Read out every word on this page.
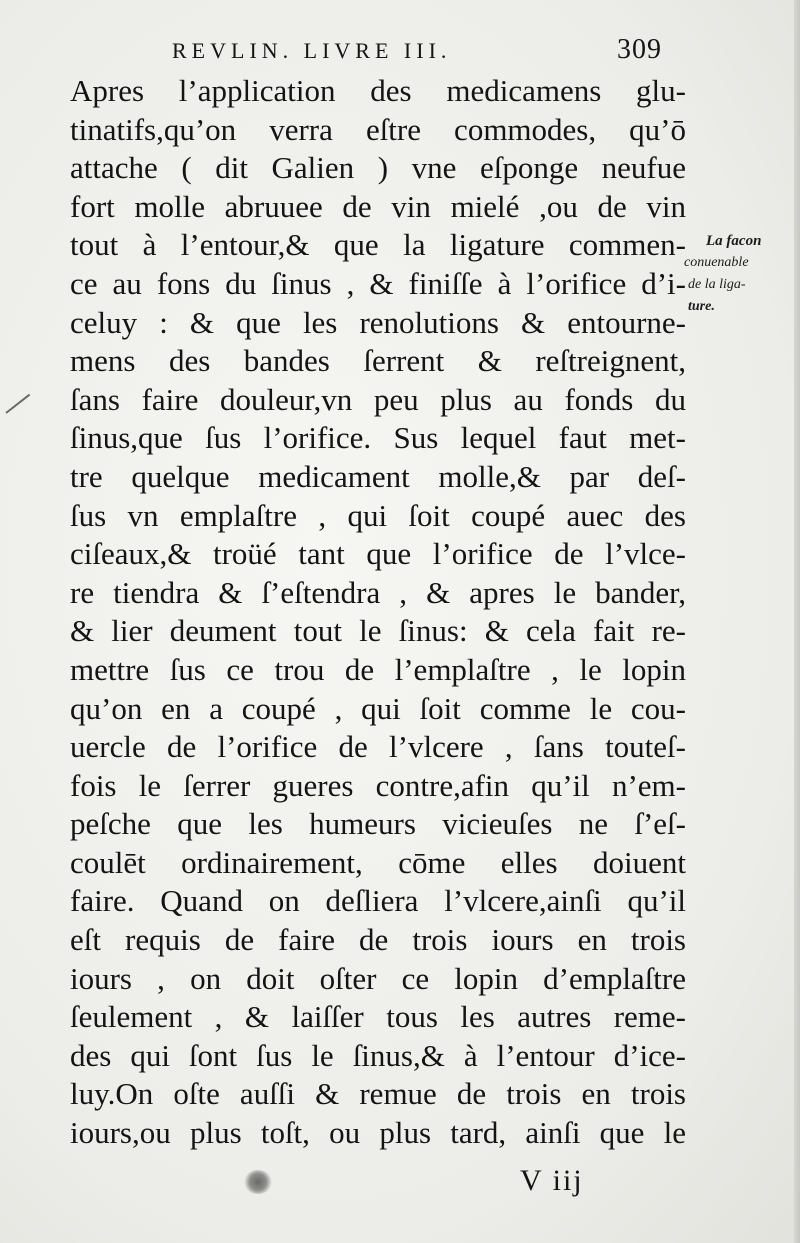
REVLIN. LIVRE III.	309
Apres l’application des medicamens glu-
tinatifs,qu’on verra eſtre commodes, qu’ō
attache ( dit Galien ) vne eſponge neufue
fort molle abruuee de vin mielé ,ou de vin
tout à l’entour,& que la ligature commen-
ce au fons du ſinus , & finiſſe à l’orifice d’i-
celuy : & que les renolutions & entourne-
mens des bandes ſerrent & reſtreignent,
ſans faire douleur,vn peu plus au fonds du
ſinus,que ſus l’orifice. Sus lequel faut met-
tre quelque medicament molle,& par deſ-
ſus vn emplaſtre , qui ſoit coupé auec des
ciſeaux,& troüé tant que l’orifice de l’vlce-
re tiendra & ſ’eſtendra , & apres le bander,
& lier deument tout le ſinus: & cela fait re-
mettre ſus ce trou de l’emplaſtre , le lopin
qu’on en a coupé , qui ſoit comme le cou-
uercle de l’orifice de l’vlcere , ſans touteſ-
fois le ſerrer gueres contre,afin qu’il n’em-
peſche que les humeurs vicieuſes ne ſ’eſ-
coulēt ordinairement, cōme elles doiuent
faire. Quand on deſliera l’vlcere,ainſi qu’il
eſt requis de faire de trois iours en trois
iours , on doit oſter ce lopin d’emplaſtre
ſeulement , & laiſſer tous les autres reme-
des qui ſont ſus le ſinus,& à l’entour d’ice-
luy.On oſte auſſi & remue de trois en trois
iours,ou plus toſt, ou plus tard, ainſi que le
La facon
conuenable
de la liga-
ture.
V iij
